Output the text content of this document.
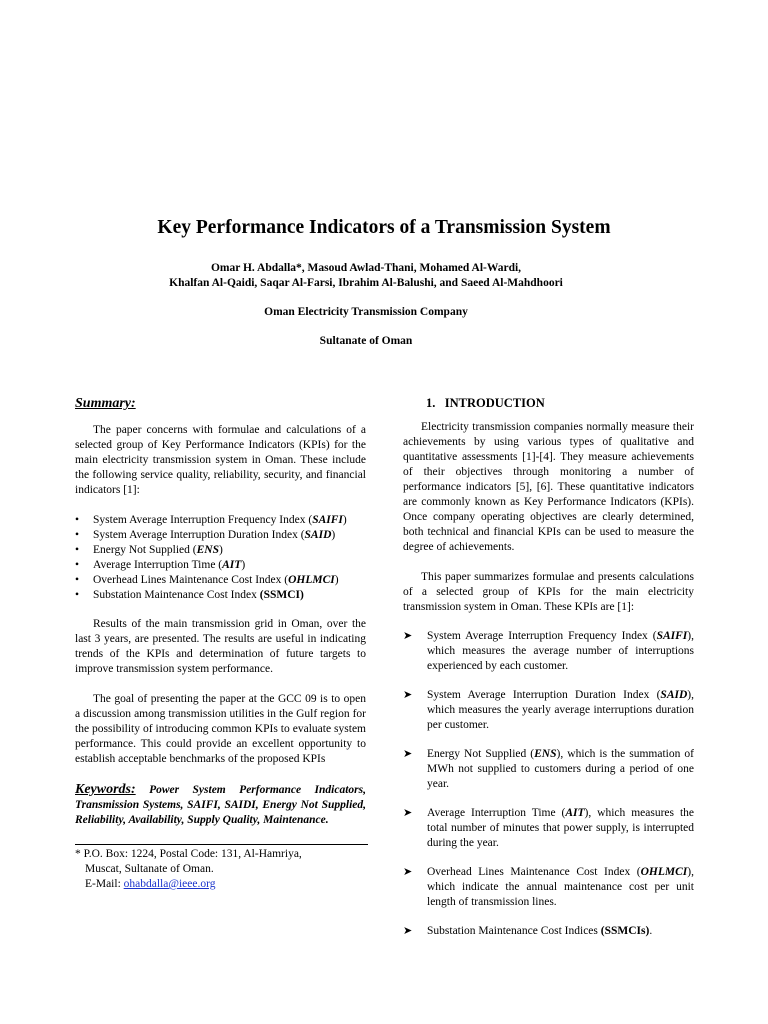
Key Performance Indicators of a Transmission System
Omar H. Abdalla*, Masoud Awlad-Thani, Mohamed Al-Wardi,
Khalfan Al-Qaidi, Saqar Al-Farsi, Ibrahim Al-Balushi, and Saeed Al-Mahdhoori
Oman Electricity Transmission Company
Sultanate of Oman
Summary:

The paper concerns with formulae and calculations of a selected group of Key Performance Indicators (KPIs) for the main electricity transmission system in Oman. These include the following service quality, reliability, security, and financial indicators [1]:

• System Average Interruption Frequency Index (SAIFI)
• System Average Interruption Duration Index (SAID)
• Energy Not Supplied (ENS)
• Average Interruption Time (AIT)
• Overhead Lines Maintenance Cost Index (OHLMCI)
• Substation Maintenance Cost Index (SSMCI)

Results of the main transmission grid in Oman, over the last 3 years, are presented. The results are useful in indicating trends of the KPIs and determination of future targets to improve transmission system performance.

The goal of presenting the paper at the GCC 09 is to open a discussion among transmission utilities in the Gulf region for the possibility of introducing common KPIs to evaluate system performance. This could provide an excellent opportunity to establish acceptable benchmarks of the proposed KPIs

Keywords: Power System Performance Indicators, Transmission Systems, SAIFI, SAIDI, Energy Not Supplied, Reliability, Availability, Supply Quality, Maintenance.

* P.O. Box: 1224, Postal Code: 131, Al-Hamriya,
Muscat, Sultanate of Oman.
E-Mail: ohabdalla@ieee.org
1.   INTRODUCTION

Electricity transmission companies normally measure their achievements by using various types of qualitative and quantitative assessments [1]-[4]. They measure achievements of their objectives through monitoring a number of performance indicators [5], [6]. These quantitative indicators are commonly known as Key Performance Indicators (KPIs). Once company operating objectives are clearly determined, both technical and financial KPIs can be used to measure the degree of achievements.

This paper summarizes formulae and presents calculations of a selected group of KPIs for the main electricity transmission system in Oman. These KPIs are [1]:

➤ System Average Interruption Frequency Index (SAIFI), which measures the average number of interruptions experienced by each customer.
➤ System Average Interruption Duration Index (SAID), which measures the yearly average interruptions duration per customer.
➤ Energy Not Supplied (ENS), which is the summation of MWh not supplied to customers during a period of one year.
➤ Average Interruption Time (AIT), which measures the total number of minutes that power supply, is interrupted during the year.
➤ Overhead Lines Maintenance Cost Index (OHLMCI), which indicate the annual maintenance cost per unit length of transmission lines.
➤ Substation Maintenance Cost Indices (SSMCIs).
